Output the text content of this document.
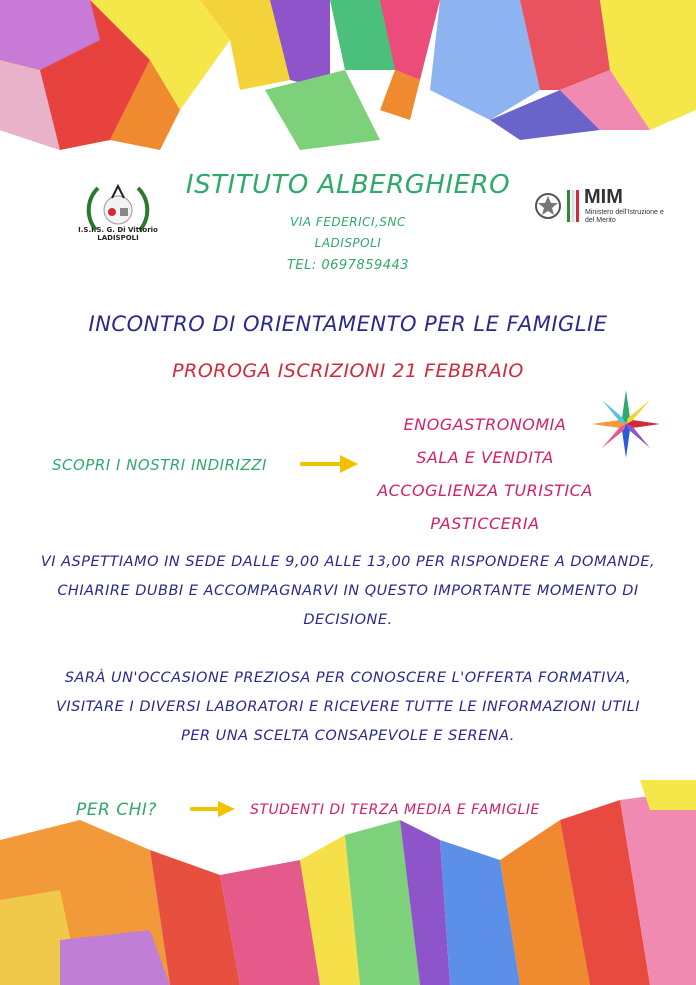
I.S.I.S. G. Di Vittorio
LADISPOLI
ISTITUTO ALBERGHIERO
VIA FEDERICI,SNC
LADISPOLI
TEL: 0697859443
MIM
Ministero dell'Istruzione e del Merito
INCONTRO DI ORIENTAMENTO PER LE FAMIGLIE
PROROGA ISCRIZIONI 21 FEBBRAIO
SCOPRI I NOSTRI INDIRIZZI
ENOGASTRONOMIA
SALA E VENDITA
ACCOGLIENZA TURISTICA
PASTICCERIA
VI ASPETTIAMO IN SEDE DALLE 9,00 ALLE 13,00 PER RISPONDERE A DOMANDE, CHIARIRE DUBBI E ACCOMPAGNARVI IN QUESTO IMPORTANTE MOMENTO DI DECISIONE.
SARÀ UN'OCCASIONE PREZIOSA PER CONOSCERE L'OFFERTA FORMATIVA, VISITARE I DIVERSI LABORATORI E RICEVERE TUTTE LE INFORMAZIONI UTILI PER UNA SCELTA CONSAPEVOLE E SERENA.
PER CHI?	STUDENTI DI TERZA MEDIA E FAMIGLIE
